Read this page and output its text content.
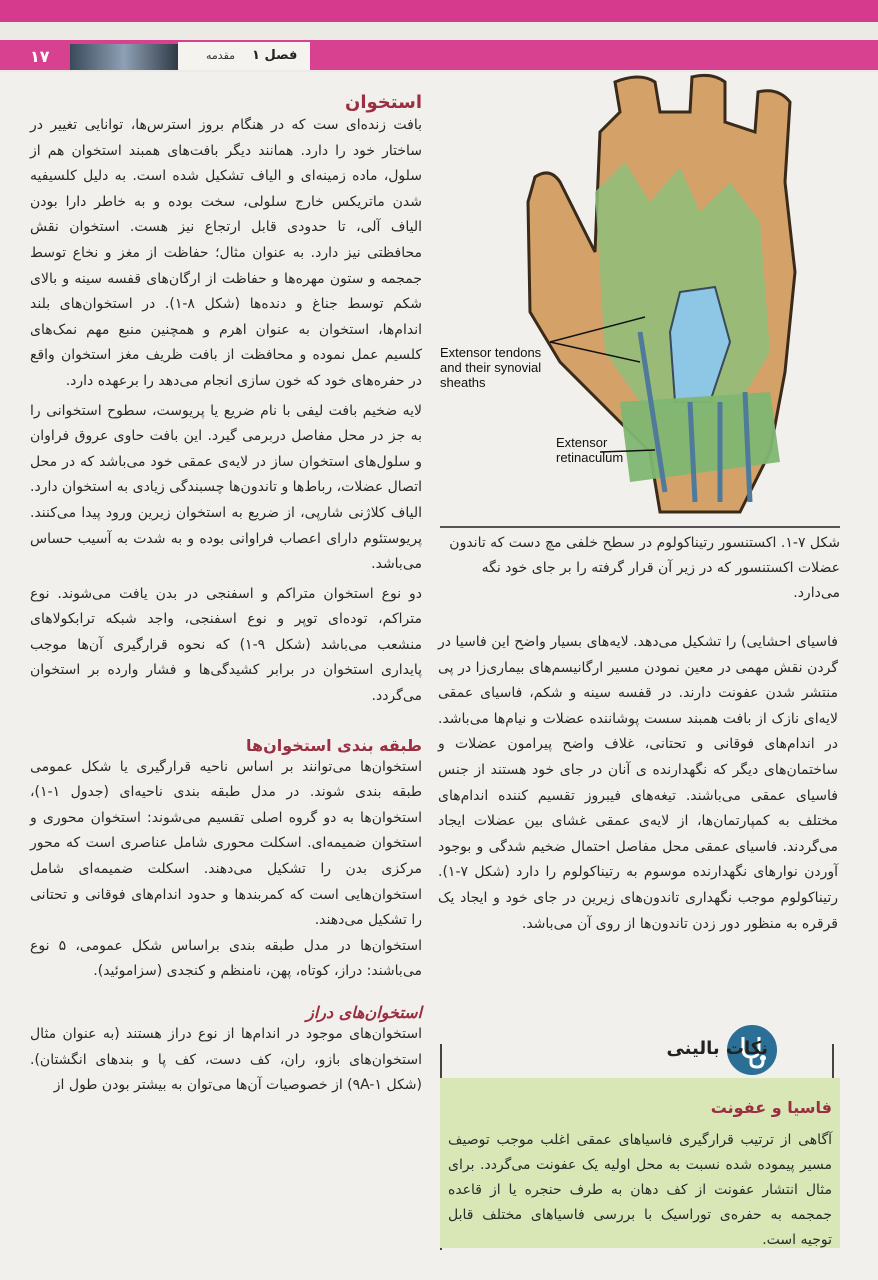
۱۷	فصل ۱
مقدمه
Extensor tendons and their synovial sheaths
Extensor retinaculum
شکل ۷-۱. اکستنسور رتیناکولوم در سطح خلفی مچ دست که تاندون عضلات اکستنسور که در زیر آن قرار گرفته را بر جای خود نگه می‌دارد.
فاسیای احشایی) را تشکیل می‌دهد. لایه‌های بسیار واضح این فاسیا در گردن نقش مهمی در معین نمودن مسیر ارگانیسم‌های بیماری‌زا در پی منتشر شدن عفونت دارند. در قفسه سینه و شکم، فاسیای عمقی لایه‌ای نازک از بافت همبند سست پوشاننده عضلات و نیام‌ها می‌باشد. در اندام‌های فوقانی و تحتانی، غلاف واضح پیرامون عضلات و ساختمان‌های دیگر که نگهدارنده ی آنان در جای خود هستند از جنس فاسیای عمقی می‌باشند. تیغه‌های فیبروز تقسیم کننده اندام‌های مختلف به کمپارتمان‌ها، از لایه‌ی عمقی غشای بین عضلات ایجاد می‌گردند. فاسیای عمقی محل مفاصل احتمال ضخیم شدگی و بوجود آوردن نوارهای نگهدارنده موسوم به رتیناکولوم را دارد (شکل ۷-۱). رتیناکولوم موجب نگهداری تاندون‌های زیرین در جای خود و ایجاد یک قرقره به منظور دور زدن تاندون‌ها از روی آن می‌باشد.
استخوان
بافت زنده‌ای ست که در هنگام بروز استرس‌ها، توانایی تغییر در ساختار خود را دارد. همانند دیگر بافت‌های همبند استخوان هم از سلول، ماده زمینه‌ای و الیاف تشکیل شده است. به دلیل کلسیفیه شدن ماتریکس خارج سلولی، سخت بوده و به خاطر دارا بودن الیاف آلی، تا حدودی قابل ارتجاع نیز هست. استخوان نقش محافظتی نیز دارد. به عنوان مثال؛ حفاظت از مغز و نخاع توسط جمجمه و ستون مهره‌ها و حفاظت از ارگان‌های قفسه سینه و بالای شکم توسط جناغ و دنده‌ها (شکل ۸-۱). در استخوان‌های بلند اندام‌ها، استخوان به عنوان اهرم و همچنین منبع مهم نمک‌های کلسیم عمل نموده و محافظت از بافت ظریف مغز استخوان واقع در حفره‌های خود که خون سازی انجام می‌دهد را برعهده دارد.
لایه ضخیم بافت لیفی با نام ضریع یا پریوست، سطوح استخوانی را به جز در محل مفاصل دربرمی گیرد. این بافت حاوی عروق فراوان و سلول‌های استخوان ساز در لایه‌ی عمقی خود می‌باشد که در محل اتصال عضلات، رباط‌ها و تاندون‌ها چسبندگی زیادی به استخوان دارد. الیاف کلاژنی شارپی، از ضریع به استخوان زیرین ورود پیدا می‌کنند. پریوستئوم دارای اعصاب فراوانی بوده و به شدت به آسیب حساس می‌باشد.
دو نوع استخوان متراکم و اسفنجی در بدن یافت می‌شوند. نوع متراکم، توده‌ای توپر و نوع اسفنجی، واجد شبکه ترابکولاهای منشعب می‌باشد (شکل ۹-۱) که نحوه قرارگیری آن‌ها موجب پایداری استخوان در برابر کشیدگی‌ها و فشار وارده بر استخوان می‌گردد.
طبقه بندی استخوان‌ها
استخوان‌ها می‌توانند بر اساس ناحیه قرارگیری یا شکل عمومی طبقه بندی شوند. در مدل طبقه بندی ناحیه‌ای (جدول ۱-۱)، استخوان‌ها به دو گروه اصلی تقسیم می‌شوند: استخوان محوری و استخوان ضمیمه‌ای. اسکلت محوری شامل عناصری است که محور مرکزی بدن را تشکیل می‌دهند. اسکلت ضمیمه‌ای شامل استخوان‌هایی است که کمربندها و حدود اندام‌های فوقانی و تحتانی را تشکیل می‌دهند.
استخوان‌ها در مدل طبقه بندی براساس شکل عمومی، ۵ نوع می‌باشند: دراز، کوتاه، پهن، نامنظم و کنجدی (سزاموئید).
استخوان‌های دراز
استخوان‌های موجود در اندام‌ها از نوع دراز هستند (به عنوان مثال استخوان‌های بازو، ران، کف دست، کف پا و بندهای انگشتان). (شکل ۹A-۱) از خصوصیات آن‌ها می‌توان به بیشتر بودن طول از
نکات بالینی
فاسیا و عفونت
آگاهی از ترتیب قرارگیری فاسیاهای عمقی اغلب موجب توصیف مسیر پیموده شده نسبت به محل اولیه یک عفونت می‌گردد. برای مثال انتشار عفونت از کف دهان به طرف حنجره یا از قاعده جمجمه به حفره‌ی توراسیک با بررسی فاسیاهای مختلف قابل توجیه است.
